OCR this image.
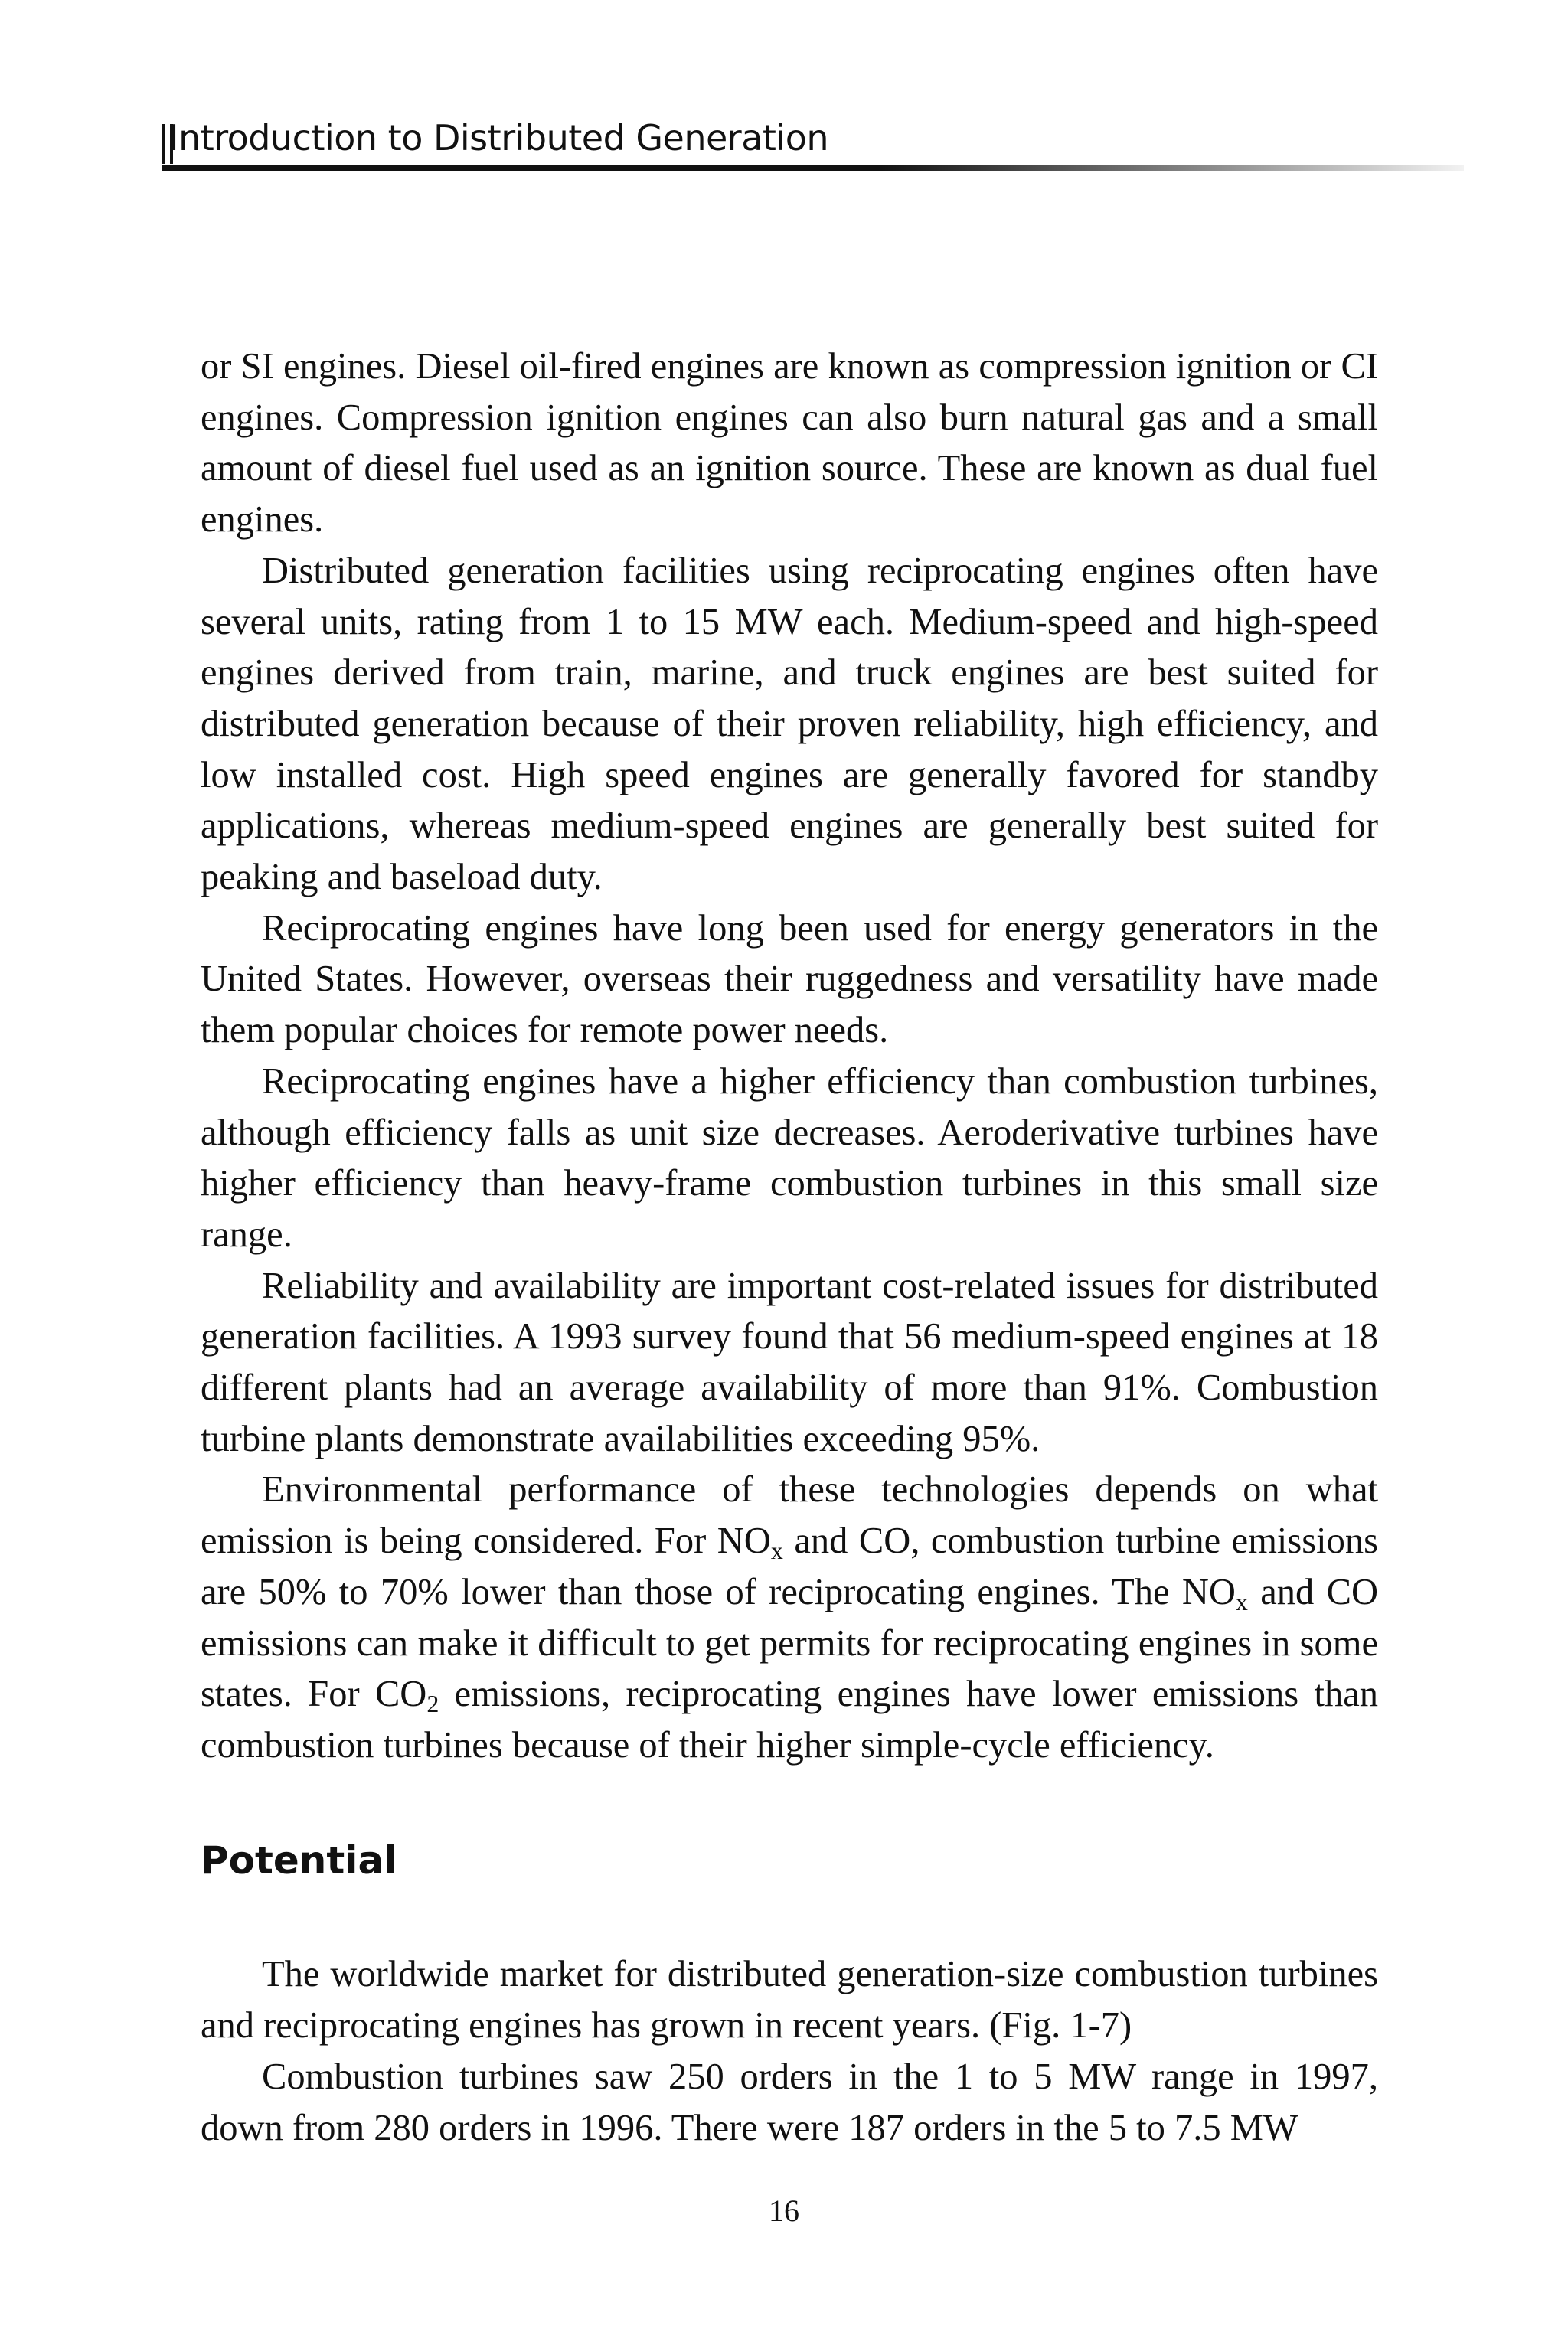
Introduction to Distributed Generation

or SI engines. Diesel oil-fired engines are known as compression ignition or CI engines. Compression ignition engines can also burn natural gas and a small amount of diesel fuel used as an ignition source. These are known as dual fuel engines.

Distributed generation facilities using reciprocating engines often have several units, rating from 1 to 15 MW each. Medium-speed and high-speed engines derived from train, marine, and truck engines are best suited for distributed generation because of their proven reliability, high efficiency, and low installed cost. High speed engines are generally favored for standby applications, whereas medium-speed engines are generally best suited for peaking and baseload duty.

Reciprocating engines have long been used for energy generators in the United States. However, overseas their ruggedness and versatility have made them popular choices for remote power needs.

Reciprocating engines have a higher efficiency than combustion turbines, although efficiency falls as unit size decreases. Aeroderivative turbines have higher efficiency than heavy-frame combustion turbines in this small size range.

Reliability and availability are important cost-related issues for distributed generation facilities. A 1993 survey found that 56 medium-speed engines at 18 different plants had an average availability of more than 91%. Combustion turbine plants demonstrate availabilities exceeding 95%.

Environmental performance of these technologies depends on what emission is being considered. For $NO_x$ and CO, combustion turbine emissions are 50% to 70% lower than those of reciprocating engines. The $NO_x$ and CO emissions can make it difficult to get permits for reciprocating engines in some states. For $CO_2$ emissions, reciprocating engines have lower emissions than combustion turbines because of their higher simple-cycle efficiency.

Potential

The worldwide market for distributed generation-size combustion turbines and reciprocating engines has grown in recent years. (Fig. 1-7)

Combustion turbines saw 250 orders in the 1 to 5 MW range in 1997, down from 280 orders in 1996. There were 187 orders in the 5 to 7.5 MW

16
